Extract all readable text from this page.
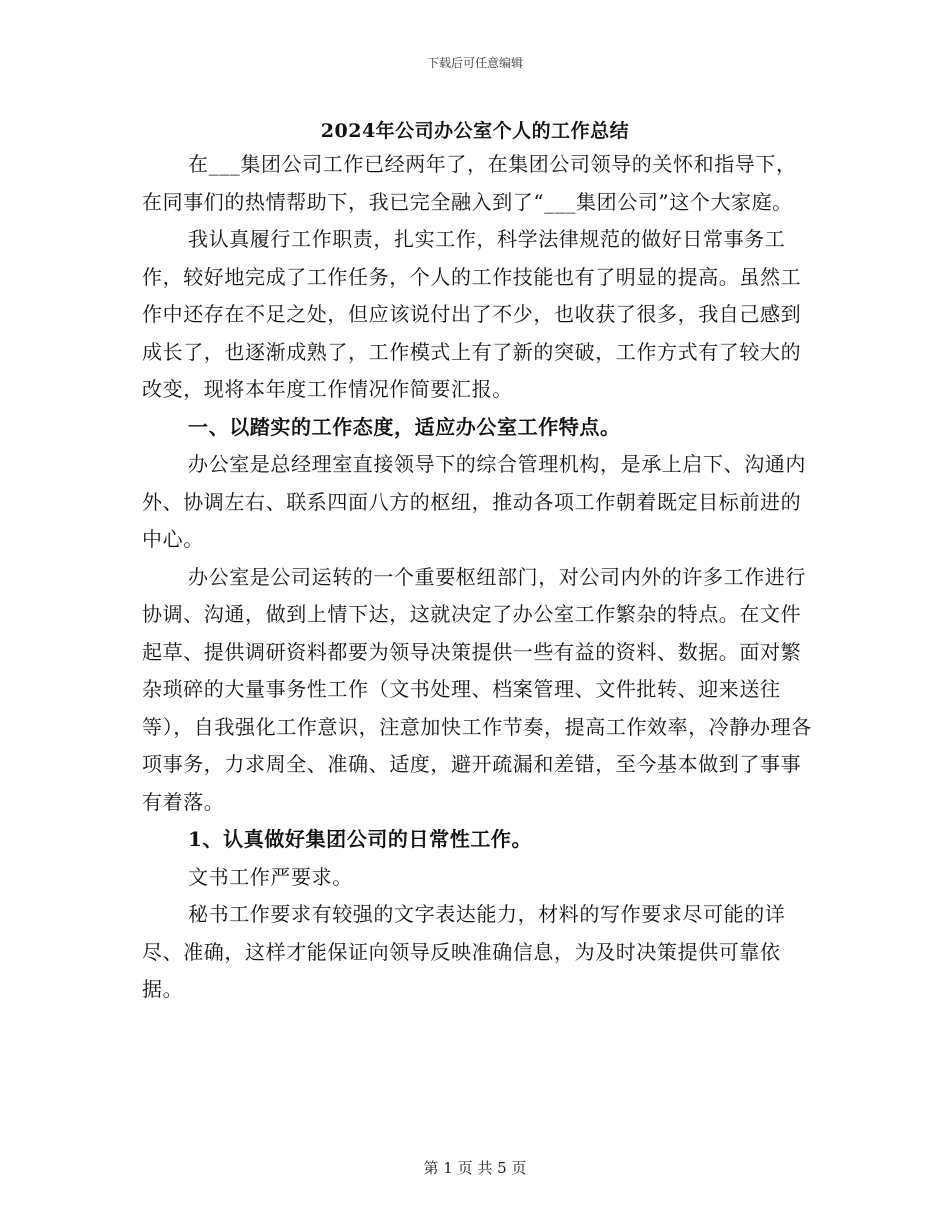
下载后可任意编辑
2024年公司办公室个人的工作总结

在___集团公司工作已经两年了，在集团公司领导的关怀和指导下，在同事们的热情帮助下，我已完全融入到了“___集团公司”这个大家庭。

我认真履行工作职责，扎实工作，科学法律规范的做好日常事务工作，较好地完成了工作任务，个人的工作技能也有了明显的提高。虽然工作中还存在不足之处，但应该说付出了不少，也收获了很多，我自己感到成长了，也逐渐成熟了，工作模式上有了新的突破，工作方式有了较大的改变，现将本年度工作情况作简要汇报。

一、以踏实的工作态度，适应办公室工作特点。

办公室是总经理室直接领导下的综合管理机构，是承上启下、沟通内外、协调左右、联系四面八方的枢纽，推动各项工作朝着既定目标前进的中心。

办公室是公司运转的一个重要枢纽部门，对公司内外的许多工作进行协调、沟通，做到上情下达，这就决定了办公室工作繁杂的特点。在文件起草、提供调研资料都要为领导决策提供一些有益的资料、数据。面对繁杂琐碎的大量事务性工作（文书处理、档案管理、文件批转、迎来送往等），自我强化工作意识，注意加快工作节奏，提高工作效率，冷静办理各项事务，力求周全、准确、适度，避开疏漏和差错，至今基本做到了事事有着落。

1、认真做好集团公司的日常性工作。

文书工作严要求。

秘书工作要求有较强的文字表达能力，材料的写作要求尽可能的详尽、准确，这样才能保证向领导反映准确信息，为及时决策提供可靠依据。

第 1 页 共 5 页
